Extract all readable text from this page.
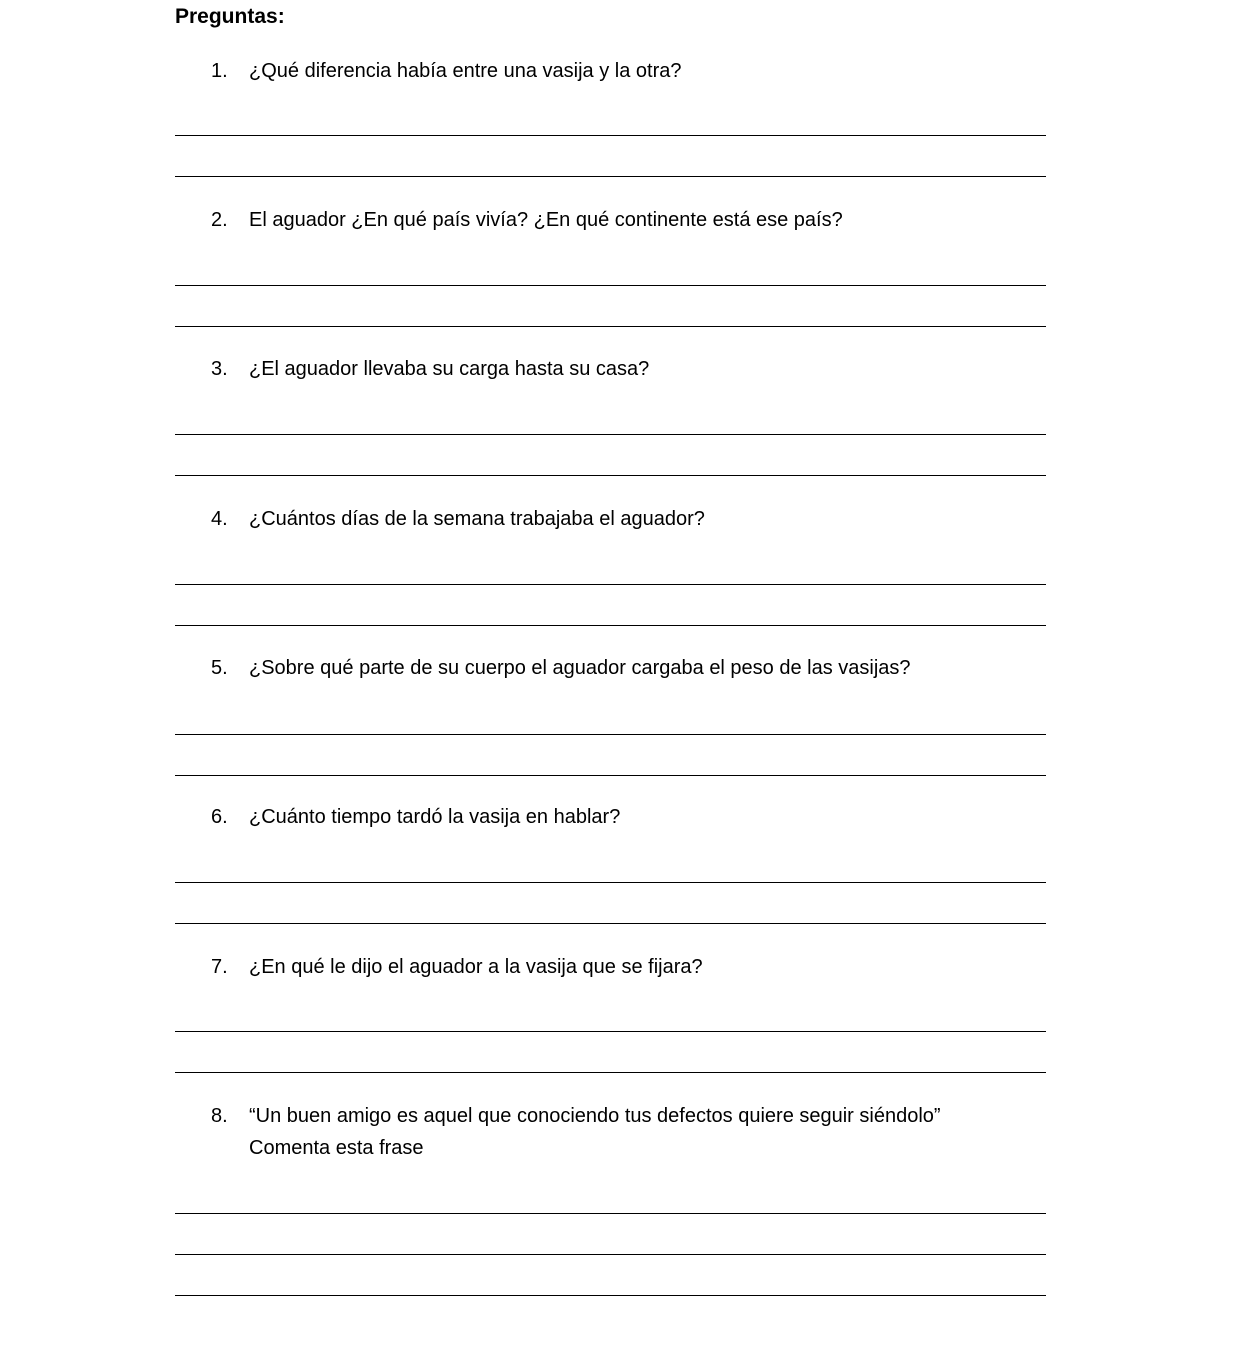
Preguntas:
1. ¿Qué diferencia había entre una vasija y la otra?
2. El aguador ¿En qué país vivía? ¿En qué continente está ese país?
3. ¿El aguador llevaba su carga hasta su casa?
4. ¿Cuántos días de la semana trabajaba el aguador?
5. ¿Sobre qué parte de su cuerpo el aguador cargaba el peso de las vasijas?
6. ¿Cuánto tiempo tardó la vasija en hablar?
7. ¿En qué le dijo el aguador a la vasija que se fijara?
8. “Un buen amigo es aquel que conociendo tus defectos quiere seguir siéndolo”
Comenta esta frase
